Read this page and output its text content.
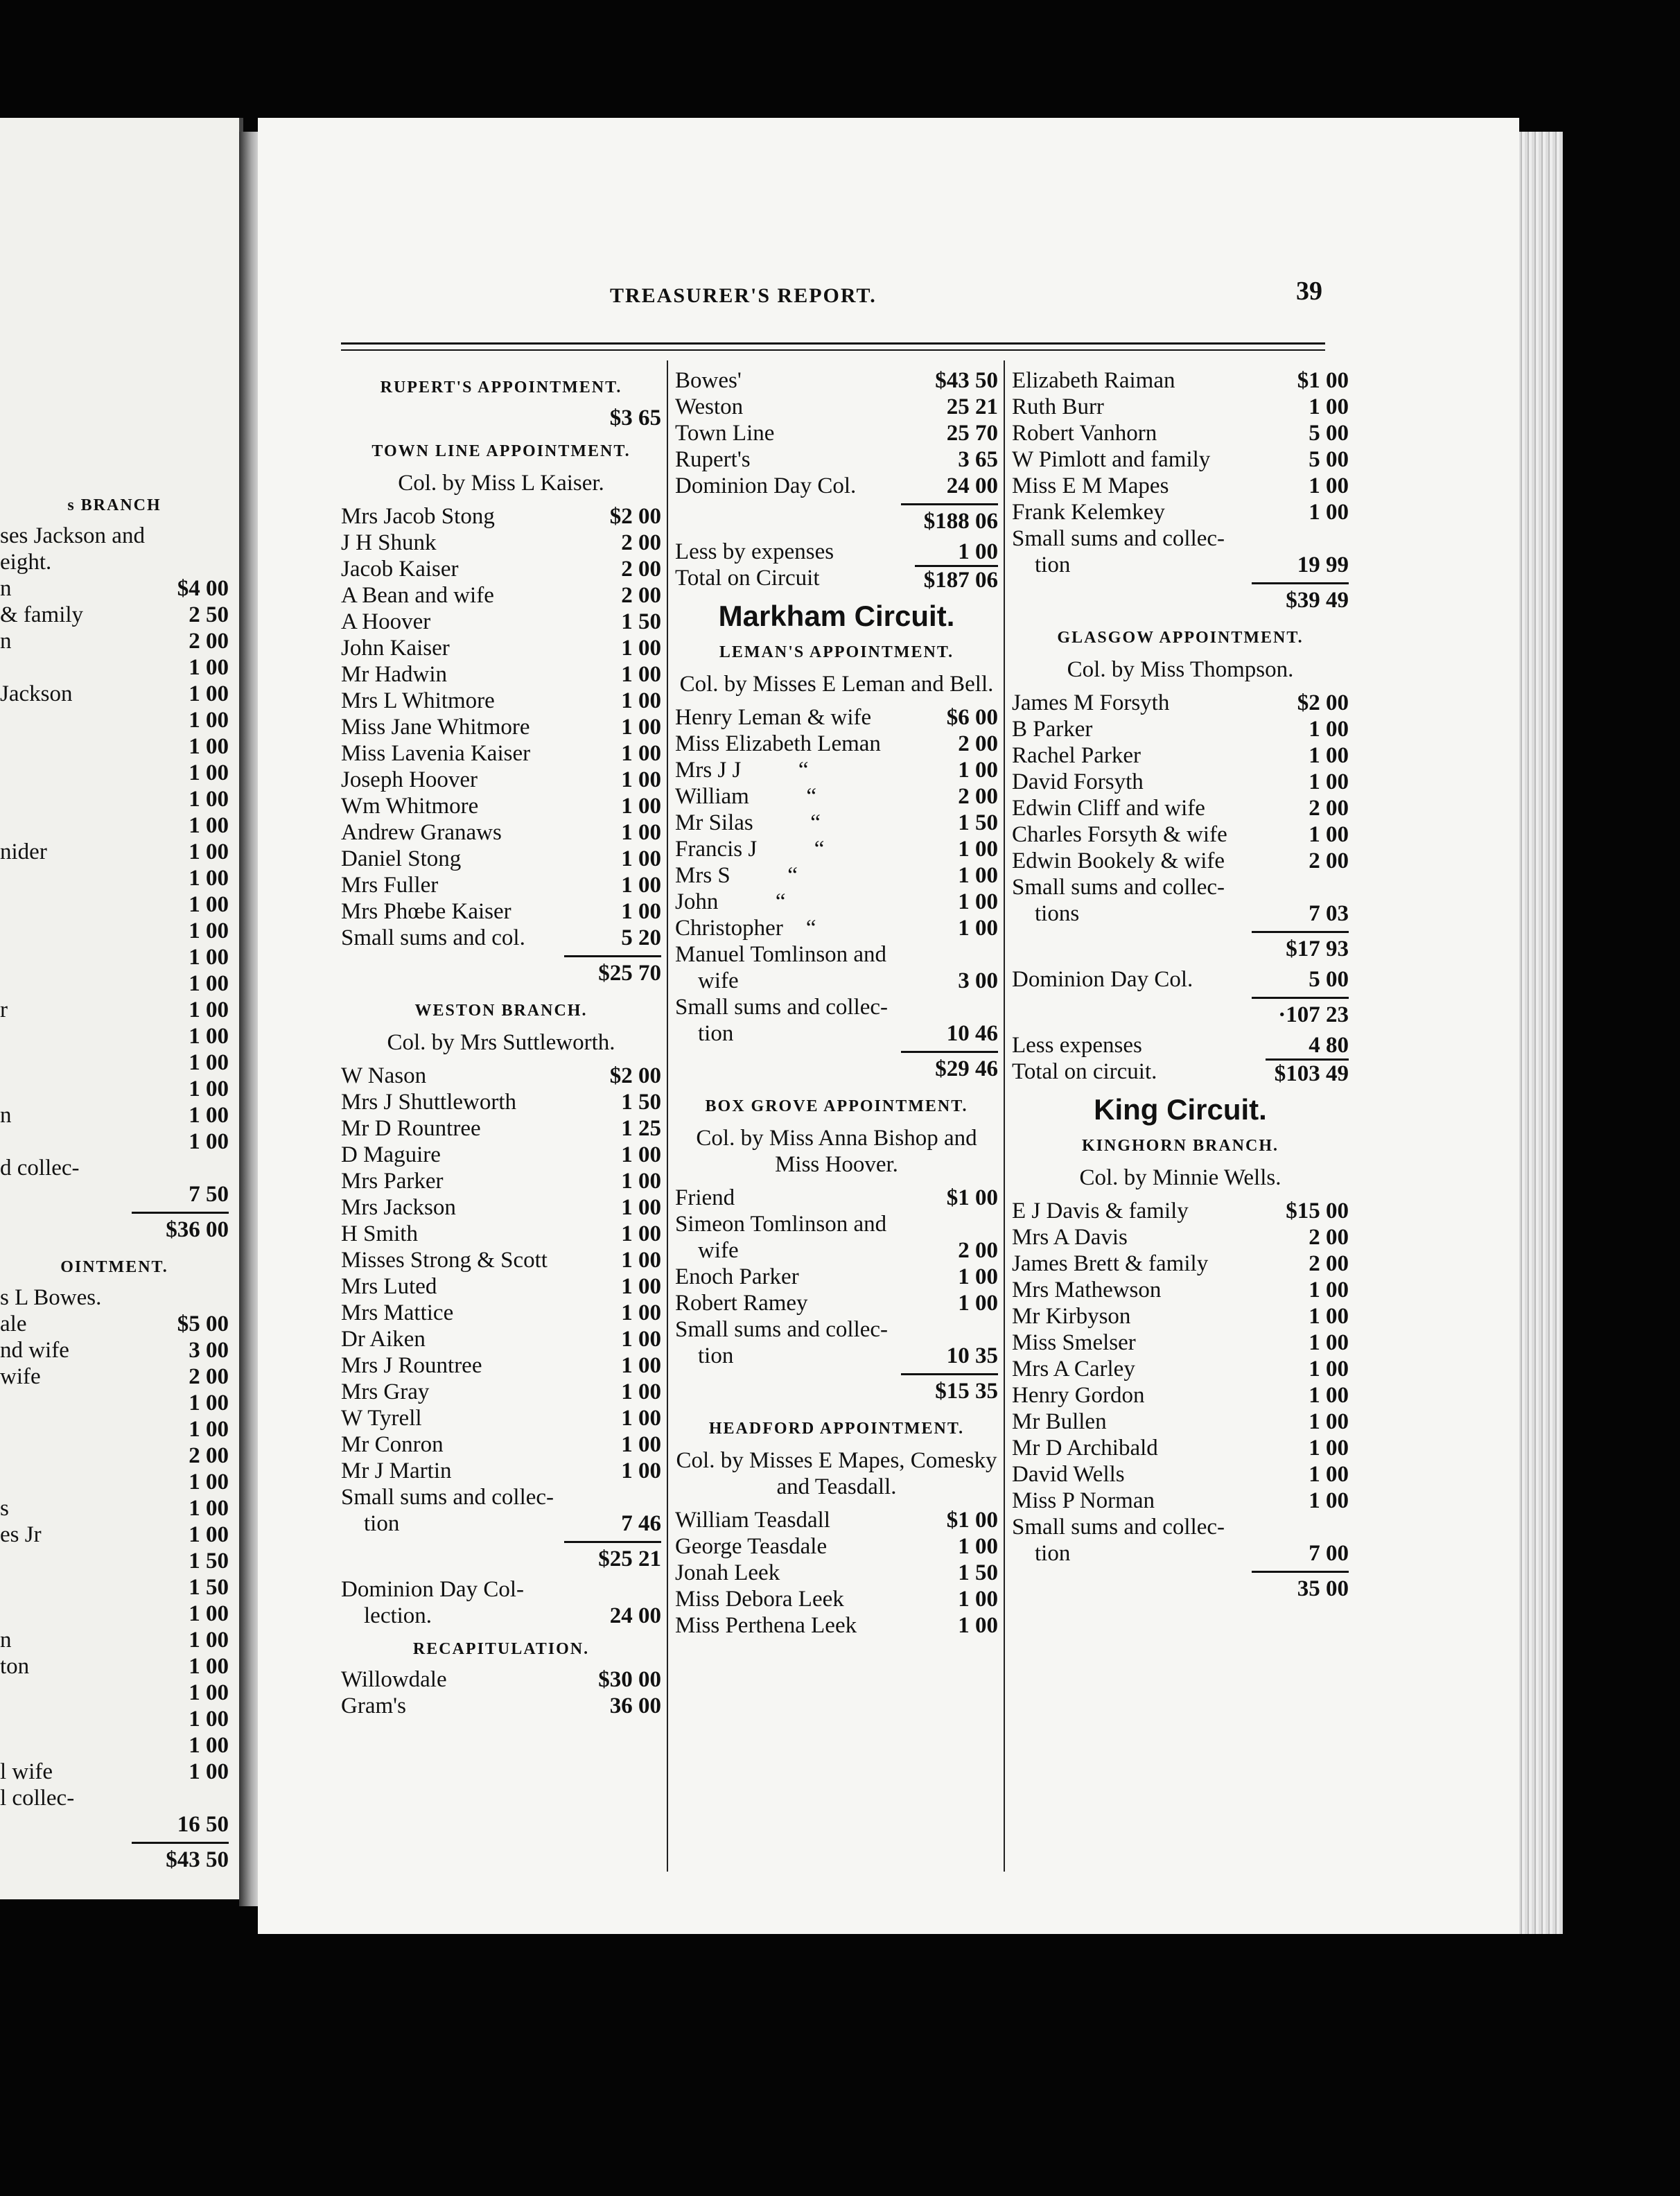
s BRANCH
ses Jackson and
eight.
n	$4 00
& family	2 50
n	2 00
1 00
Jackson	1 00
1 00
1 00
1 00
1 00
1 00
nider	1 00
1 00
1 00
1 00
1 00
1 00
r	1 00
1 00
1 00
1 00
n	1 00
1 00
d collec-
7 50
$36 00
OINTMENT.
s L Bowes.
ale	$5 00
nd wife	3 00
wife	2 00
1 00
1 00
2 00
1 00
s	1 00
es Jr	1 00
1 50
1 50
1 00
n	1 00
ton	1 00
1 00
1 00
1 00
l wife	1 00
l collec-
16 50
$43 50
TREASURER'S REPORT.	39
RUPERT'S APPOINTMENT.
$3 65
TOWN LINE APPOINTMENT.
Col. by Miss L Kaiser.
Mrs Jacob Stong	$2 00
J H Shunk	2 00
Jacob Kaiser	2 00
A Bean and wife	2 00
A Hoover	1 50
John Kaiser	1 00
Mr Hadwin	1 00
Mrs L Whitmore	1 00
Miss Jane Whitmore	1 00
Miss Lavenia Kaiser	1 00
Joseph Hoover	1 00
Wm Whitmore	1 00
Andrew Granaws	1 00
Daniel Stong	1 00
Mrs Fuller	1 00
Mrs Phœbe Kaiser	1 00
Small sums and col.	5 20
$25 70
WESTON BRANCH.
Col. by Mrs Suttleworth.
W Nason	$2 00
Mrs J Shuttleworth	1 50
Mr D Rountree	1 25
D Maguire	1 00
Mrs Parker	1 00
Mrs Jackson	1 00
H Smith	1 00
Misses Strong & Scott	1 00
Mrs Luted	1 00
Mrs Mattice	1 00
Dr Aiken	1 00
Mrs J Rountree	1 00
Mrs Gray	1 00
W Tyrell	1 00
Mr Conron	1 00
Mr J Martin	1 00
Small sums and collec-
tion	7 46
$25 21
Dominion Day Col-
lection.	24 00
RECAPITULATION.
Willowdale	$30 00
Gram's	36 00
Bowes'	$43 50
Weston	25 21
Town Line	25 70
Rupert's	3 65
Dominion Day Col.	24 00
$188 06
Less by expenses	1 00
Total on Circuit	$187 06
Markham Circuit.
LEMAN'S APPOINTMENT.
Col. by Misses E Leman and Bell.
Henry Leman & wife	$6 00
Miss Elizabeth Leman	2 00
Mrs J J          “	1 00
William          “	2 00
Mr Silas          “	1 50
Francis J          “	1 00
Mrs S          “	1 00
John          “	1 00
Christopher    “	1 00
Manuel Tomlinson and
wife	3 00
Small sums and collec-
tion	10 46
$29 46
BOX GROVE APPOINTMENT.
Col. by Miss Anna Bishop and Miss Hoover.
Friend	$1 00
Simeon Tomlinson and
wife	2 00
Enoch Parker	1 00
Robert Ramey	1 00
Small sums and collec-
tion	10 35
$15 35
HEADFORD APPOINTMENT.
Col. by Misses E Mapes, Comesky and Teasdall.
William Teasdall	$1 00
George Teasdale	1 00
Jonah Leek	1 50
Miss Debora Leek	1 00
Miss Perthena Leek	1 00
Elizabeth Raiman	$1 00
Ruth Burr	1 00
Robert Vanhorn	5 00
W Pimlott and family	5 00
Miss E M Mapes	1 00
Frank Kelemkey	1 00
Small sums and collec-
tion	19 99
$39 49
GLASGOW APPOINTMENT.
Col. by Miss Thompson.
James M Forsyth	$2 00
B Parker	1 00
Rachel Parker	1 00
David Forsyth	1 00
Edwin Cliff and wife	2 00
Charles Forsyth & wife	1 00
Edwin Bookely & wife	2 00
Small sums and collec-
tions	7 03
$17 93
Dominion Day Col.	5 00
·107 23
Less expenses	4 80
Total on circuit.	$103 49
King Circuit.
KINGHORN BRANCH.
Col. by Minnie Wells.
E J Davis & family	$15 00
Mrs A Davis	2 00
James Brett & family	2 00
Mrs Mathewson	1 00
Mr Kirbyson	1 00
Miss Smelser	1 00
Mrs A Carley	1 00
Henry Gordon	1 00
Mr Bullen	1 00
Mr D Archibald	1 00
David Wells	1 00
Miss P Norman	1 00
Small sums and collec-
tion	7 00
35 00
